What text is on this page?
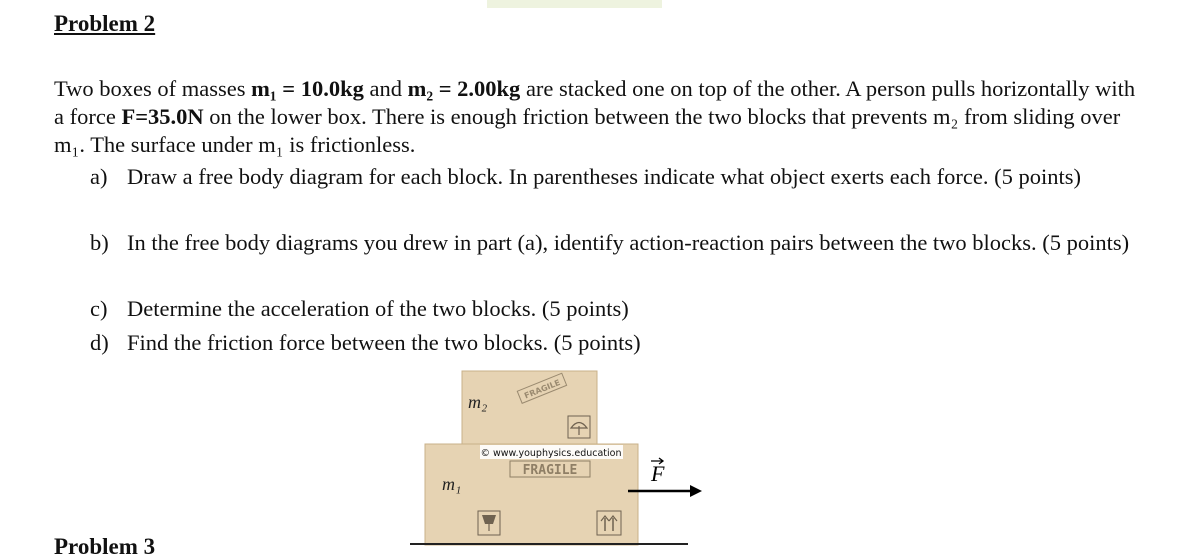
Problem 2

Two boxes of masses m₁ = 10.0kg and m₂ = 2.00kg are stacked one on top of the other. A person pulls horizontally with a force F=35.0N on the lower box. There is enough friction between the two blocks that prevents m₂ from sliding over m₁. The surface under m₁ is frictionless.

a) Draw a free body diagram for each block. In parentheses indicate what object exerts each force. (5 points)
b) In the free body diagrams you drew in part (a), identify action-reaction pairs between the two blocks. (5 points)
c) Determine the acceleration of the two blocks. (5 points)
d) Find the friction force between the two blocks. (5 points)
m₂
FRAGILE
© www.youphysics.education
FRAGILE
m₁	F
Problem 3
